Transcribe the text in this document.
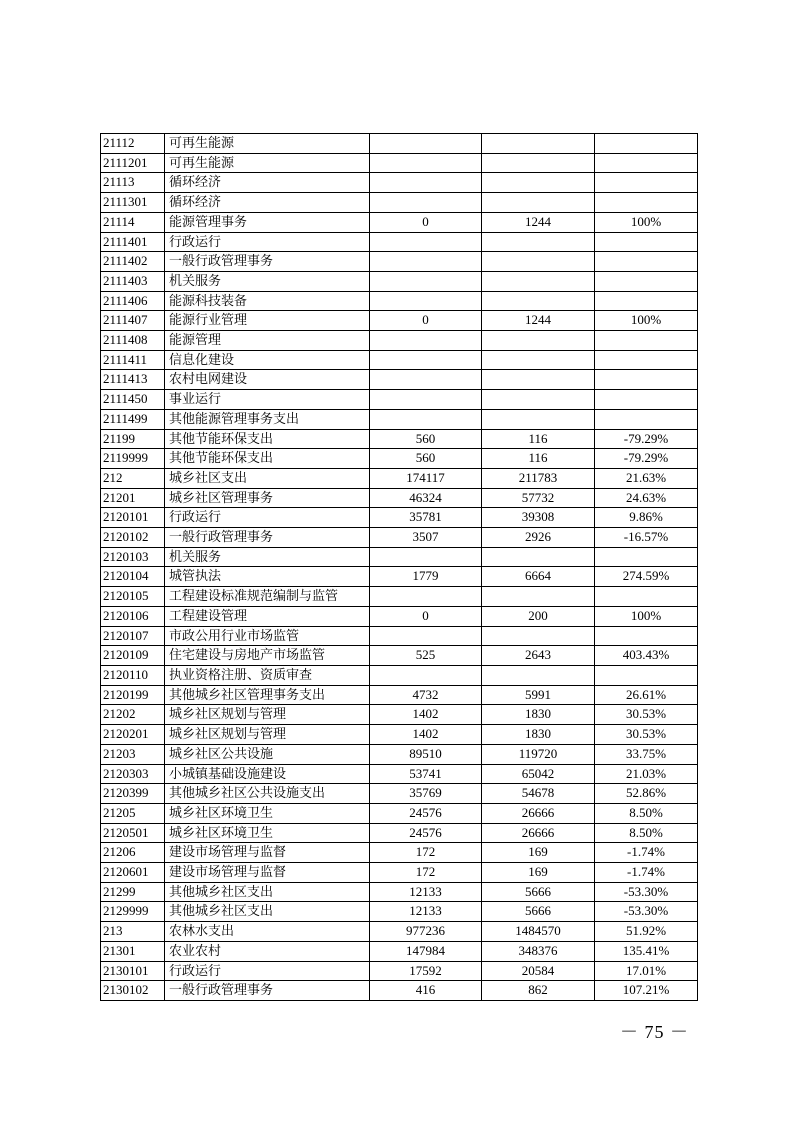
21112	可再生能源			
2111201	可再生能源			
21113	循环经济			
2111301	循环经济			
21114	能源管理事务	0	1244	100%
2111401	行政运行			
2111402	一般行政管理事务			
2111403	机关服务			
2111406	能源科技装备			
2111407	能源行业管理	0	1244	100%
2111408	能源管理			
2111411	信息化建设			
2111413	农村电网建设			
2111450	事业运行			
2111499	其他能源管理事务支出			
21199	其他节能环保支出	560	116	-79.29%
2119999	其他节能环保支出	560	116	-79.29%
212	城乡社区支出	174117	211783	21.63%
21201	城乡社区管理事务	46324	57732	24.63%
2120101	行政运行	35781	39308	9.86%
2120102	一般行政管理事务	3507	2926	-16.57%
2120103	机关服务			
2120104	城管执法	1779	6664	274.59%
2120105	工程建设标准规范编制与监管			
2120106	工程建设管理	0	200	100%
2120107	市政公用行业市场监管			
2120109	住宅建设与房地产市场监管	525	2643	403.43%
2120110	执业资格注册、资质审查			
2120199	其他城乡社区管理事务支出	4732	5991	26.61%
21202	城乡社区规划与管理	1402	1830	30.53%
2120201	城乡社区规划与管理	1402	1830	30.53%
21203	城乡社区公共设施	89510	119720	33.75%
2120303	小城镇基础设施建设	53741	65042	21.03%
2120399	其他城乡社区公共设施支出	35769	54678	52.86%
21205	城乡社区环境卫生	24576	26666	8.50%
2120501	城乡社区环境卫生	24576	26666	8.50%
21206	建设市场管理与监督	172	169	-1.74%
2120601	建设市场管理与监督	172	169	-1.74%
21299	其他城乡社区支出	12133	5666	-53.30%
2129999	其他城乡社区支出	12133	5666	-53.30%
213	农林水支出	977236	1484570	51.92%
21301	农业农村	147984	348376	135.41%
2130101	行政运行	17592	20584	17.01%
2130102	一般行政管理事务	416	862	107.21%
－ 75 －
